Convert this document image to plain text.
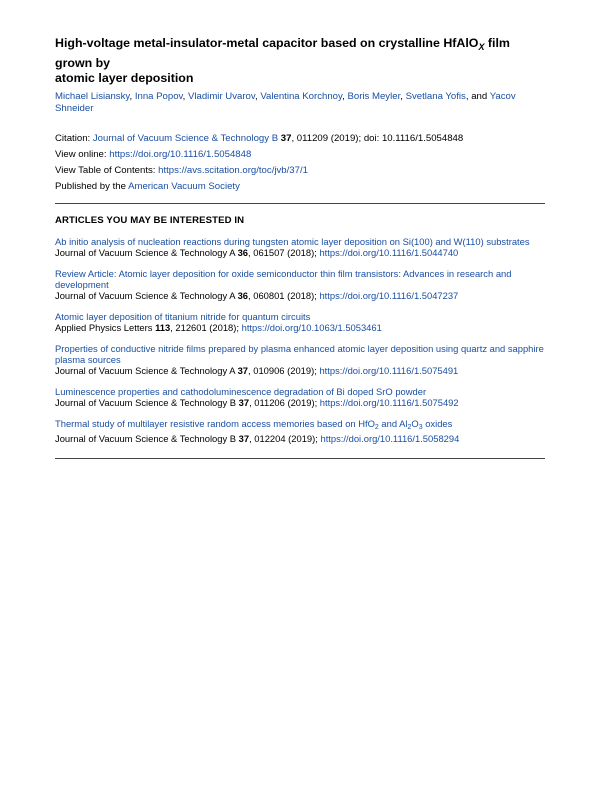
High-voltage metal-insulator-metal capacitor based on crystalline HfAlO$_X$ film grown by
atomic layer deposition
Michael Lisiansky, Inna Popov, Vladimir Uvarov, Valentina Korchnoy, Boris Meyler, Svetlana Yofis, and Yacov Shneider
Citation: Journal of Vacuum Science & Technology B 37, 011209 (2019); doi: 10.1116/1.5054848
View online: https://doi.org/10.1116/1.5054848
View Table of Contents: https://avs.scitation.org/toc/jvb/37/1
Published by the American Vacuum Society
ARTICLES YOU MAY BE INTERESTED IN
Ab initio analysis of nucleation reactions during tungsten atomic layer deposition on Si(100) and W(110) substrates
Journal of Vacuum Science & Technology A 36, 061507 (2018); https://doi.org/10.1116/1.5044740
Review Article: Atomic layer deposition for oxide semiconductor thin film transistors: Advances in research and development
Journal of Vacuum Science & Technology A 36, 060801 (2018); https://doi.org/10.1116/1.5047237
Atomic layer deposition of titanium nitride for quantum circuits
Applied Physics Letters 113, 212601 (2018); https://doi.org/10.1063/1.5053461
Properties of conductive nitride films prepared by plasma enhanced atomic layer deposition using quartz and sapphire plasma sources
Journal of Vacuum Science & Technology A 37, 010906 (2019); https://doi.org/10.1116/1.5075491
Luminescence properties and cathodoluminescence degradation of Bi doped SrO powder
Journal of Vacuum Science & Technology B 37, 011206 (2019); https://doi.org/10.1116/1.5075492
Thermal study of multilayer resistive random access memories based on HfO$_2$ and $Al_2O_3$ oxides
Journal of Vacuum Science & Technology B 37, 012204 (2019); https://doi.org/10.1116/1.5058294
